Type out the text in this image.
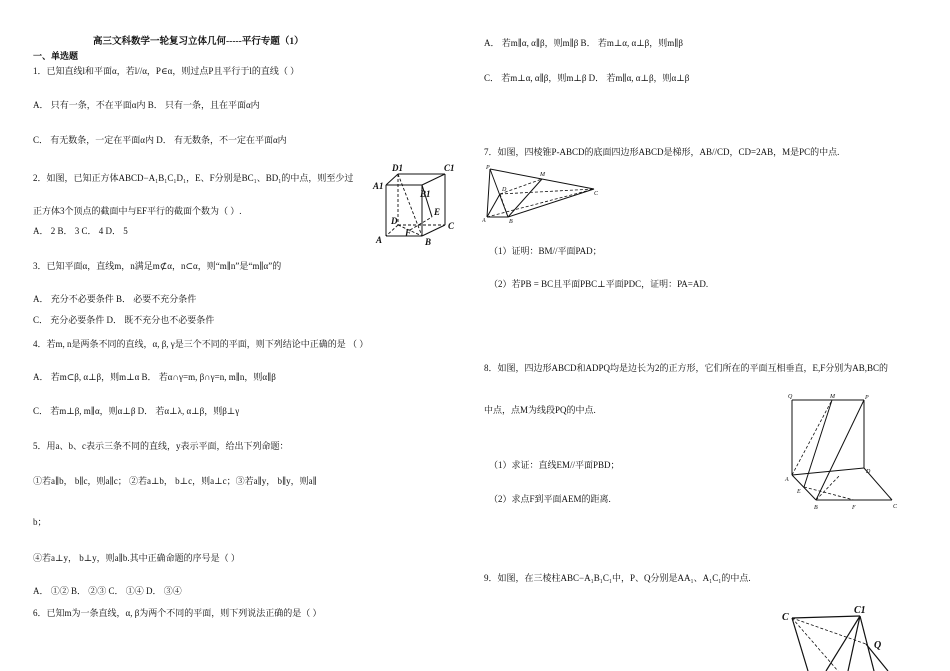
高三文科数学一轮复习立体几何-----平行专题（1）
一、单选题
1．已知直线l和平面α，若l//α，P∈α，则过点P且平行于l的直线（ ）
A． 只有一条，不在平面α内 B． 只有一条，且在平面α内
C． 有无数条，一定在平面α内 D． 有无数条，不一定在平面α内
2．如图，已知正方体ABCD−A₁B₁C₁D₁，E、F分别是BC₁、BD₁的中点，则至少过
正方体3个顶点的截面中与EF平行的截面个数为（ ）.
A． 2 B． 3 C． 4 D． 5
3．已知平面α，直线m，n满足m⊄α，n⊂α，则“m∥n”是“m∥α”的
A． 充分不必要条件 B． 必要不充分条件
C． 充分必要条件 D． 既不充分也不必要条件
4．若m, n是两条不同的直线，α, β, γ是三个不同的平面，则下列结论中正确的是 （ ）
A． 若m⊂β, α⊥β，则m⊥α B． 若α∩γ=m, β∩γ=n, m∥n，则α∥β
C． 若m⊥β, m∥α，则α⊥β D． 若α⊥λ, α⊥β，则β⊥γ
5．用a、b、c表示三条不同的直线，y表示平面，给出下列命题：
①若a∥b， b∥c，则a∥c； ②若a⊥b， b⊥c，则a⊥c；③若a∥y， b∥y，则a∥
b；
④若a⊥y， b⊥y，则a∥b.其中正确命题的序号是（ ）
A． ①② B． ②③ C． ①④ D． ③④
6．已知m为一条直线，α, β为两个不同的平面，则下列说法正确的是（ ）
D1	C1
A1
B1
D	C
A
F
B
E
A． 若m∥α, α∥β，则m∥β B． 若m⊥α, α⊥β，则m∥β
C． 若m⊥α, α∥β，则m⊥β D． 若m∥α, α⊥β，则α⊥β
7．如图，四棱锥P-ABCD的底面四边形ABCD是梯形，AB//CD，CD=2AB，M是PC的中点.
（1）证明：BM//平面PAD；
（2）若PB = BC且平面PBC⊥平面PDC，证明：PA=AD.
8．如图，四边形ABCD和ADPQ均是边长为2的正方形，它们所在的平面互相垂直，E,F分别为AB,BC的
中点，点M为线段PQ的中点.
（1）求证：直线EM//平面PBD；
（2）求点F到平面AEM的距离.
9．如图，在三棱柱ABC−A₁B₁C₁中，P、Q分别是AA₁、A₁C₁的中点.
P
D
M
A	B
C
Q	M	P
A
D
E
B	F	C
C
C1
Q
